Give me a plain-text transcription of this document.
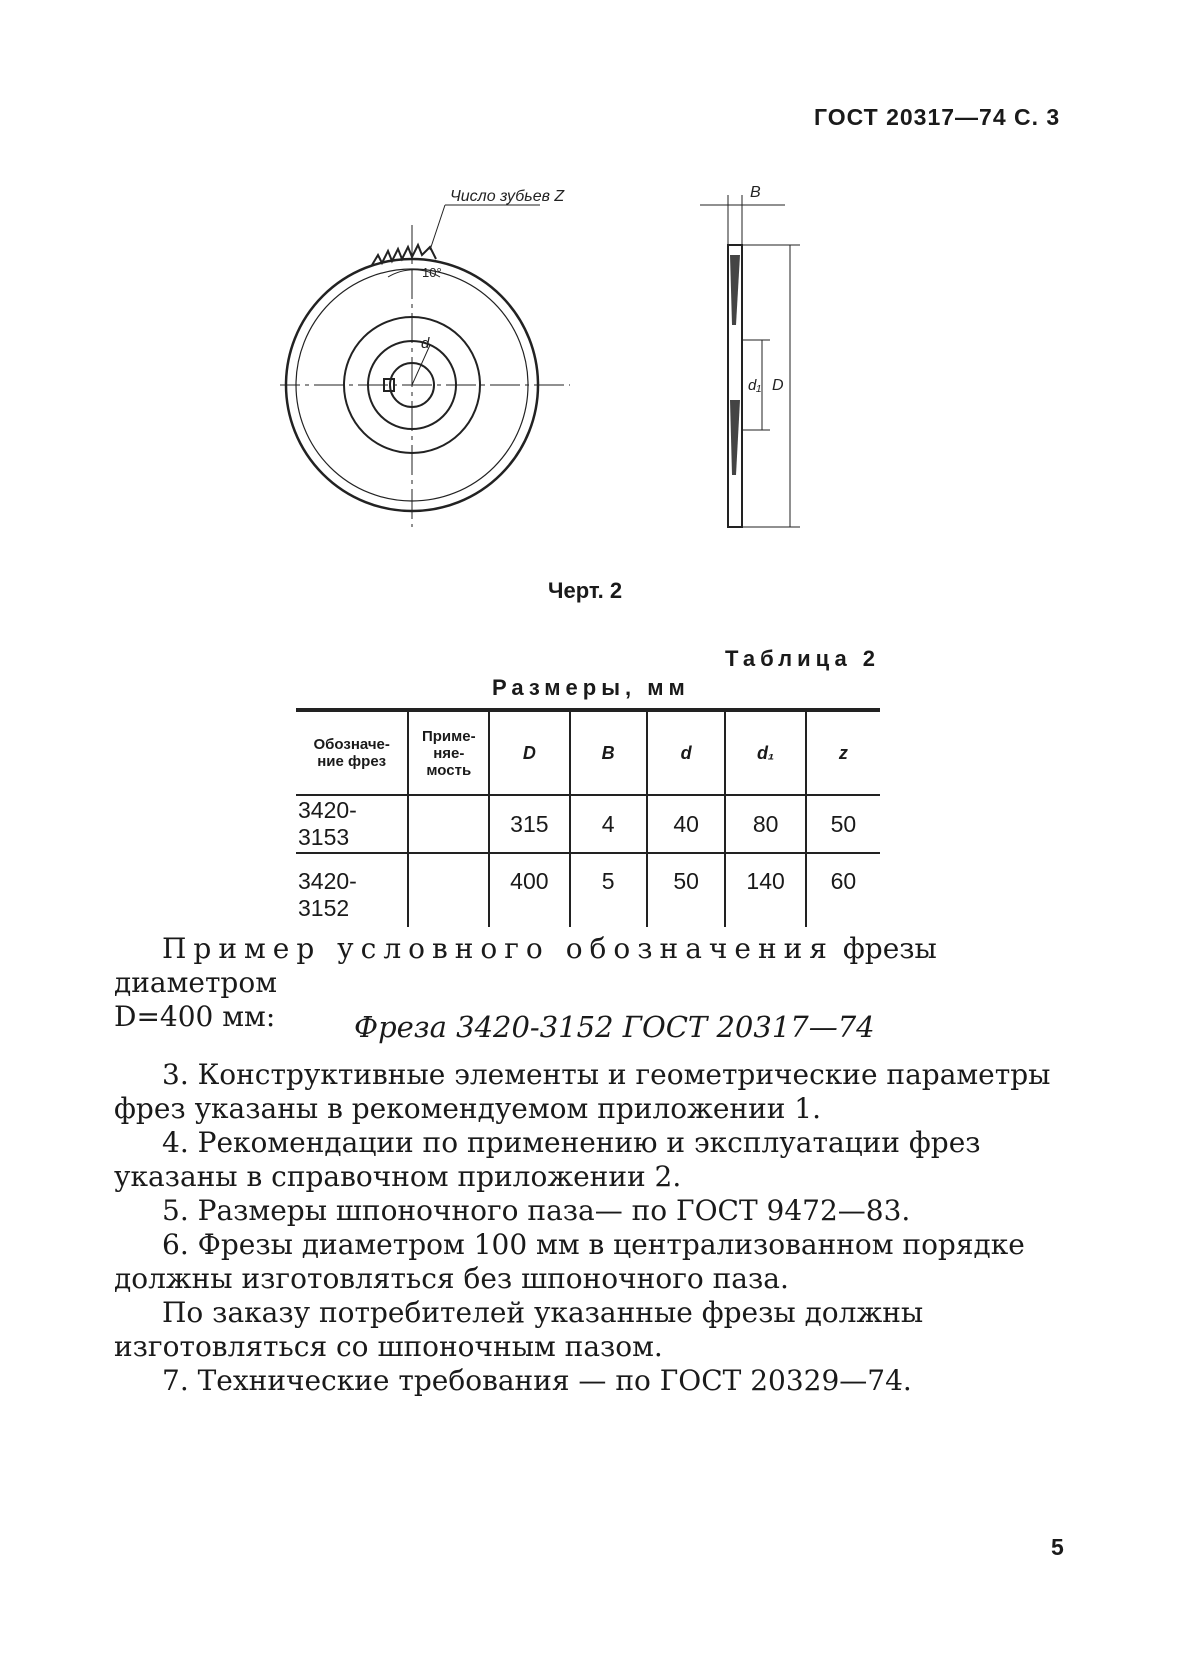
ГОСТ 20317—74 С. 3
Число зубьев Z
10°
d
B
d₁ D
Черт. 2
Таблица 2
Размеры, мм
Обозначе-
ние фрез	Приме-
няе-
мость	D	B	d	d₁	z
3420-3153		315	4	40	80	50
3420-3152		400	5	50	140	60
Пример условного обозначения фрезы диаметром
D=400 мм:	Фреза 3420-3152 ГОСТ 20317—74

3. Конструктивные элементы и геометрические параметры фрез указаны в рекомендуемом приложении 1.

4. Рекомендации по применению и эксплуатации фрез указаны в справочном приложении 2.

5. Размеры шпоночного паза— по ГОСТ 9472—83.

6. Фрезы диаметром 100 мм в централизованном порядке должны изготовляться без шпоночного паза.

По заказу потребителей указанные фрезы должны изготовляться со шпоночным пазом.

7. Технические требования — по ГОСТ 20329—74.

5
